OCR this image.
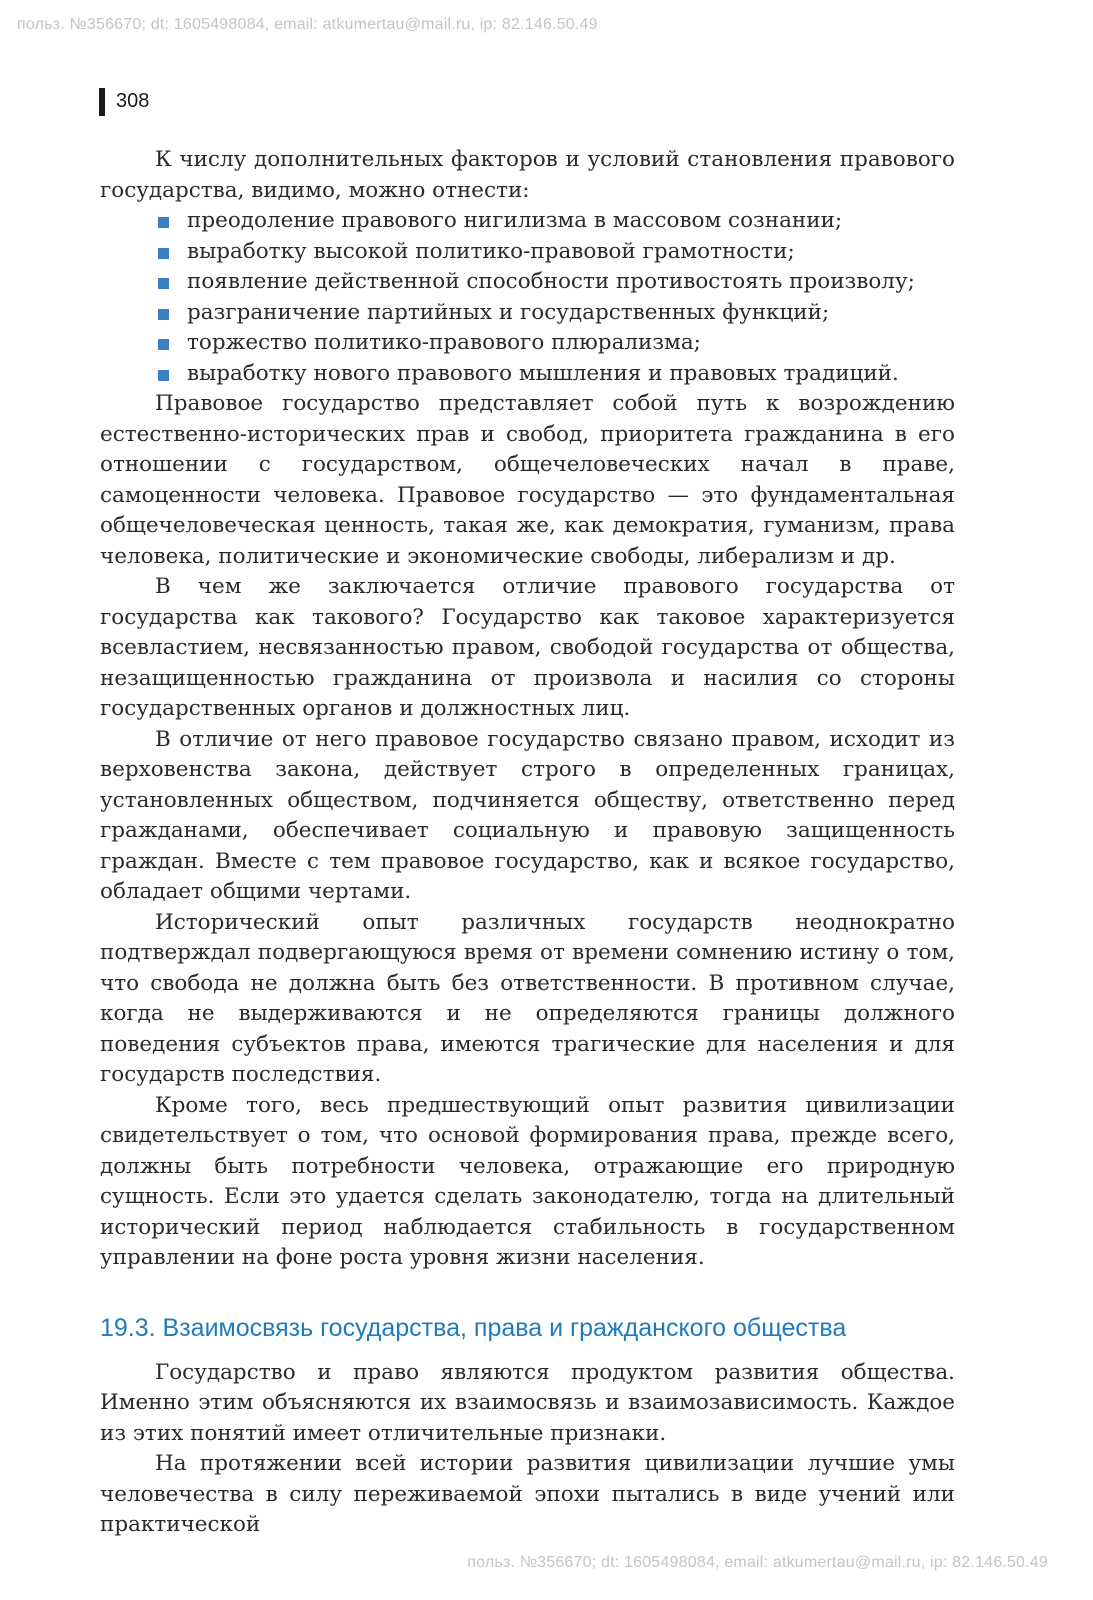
польз. №356670; dt: 1605498084, email: atkumertau@mail.ru, ip: 82.146.50.49
308

К числу дополнительных факторов и условий становления правового государства, видимо, можно отнести:

преодоление правового нигилизма в массовом сознании;
выработку высокой политико-правовой грамотности;
появление действенной способности противостоять произволу;
разграничение партийных и государственных функций;
торжество политико-правового плюрализма;
выработку нового правового мышления и правовых традиций.

Правовое государство представляет собой путь к возрождению естественно-исторических прав и свобод, приоритета гражданина в его отношении с государством, общечеловеческих начал в праве, самоценности человека. Правовое государство — это фундаментальная общечеловеческая ценность, такая же, как демократия, гуманизм, права человека, политические и экономические свободы, либерализм и др.

В чем же заключается отличие правового государства от государства как такового? Государство как таковое характеризуется всевластием, несвязанностью правом, свободой государства от общества, незащищенностью гражданина от произвола и насилия со стороны государственных органов и должностных лиц.

В отличие от него правовое государство связано правом, исходит из верховенства закона, действует строго в определенных границах, установленных обществом, подчиняется обществу, ответственно перед гражданами, обеспечивает социальную и правовую защищенность граждан. Вместе с тем правовое государство, как и всякое государство, обладает общими чертами.

Исторический опыт различных государств неоднократно подтверждал подвергающуюся время от времени сомнению истину о том, что свобода не должна быть без ответственности. В противном случае, когда не выдерживаются и не определяются границы должного поведения субъектов права, имеются трагические для населения и для государств последствия.

Кроме того, весь предшествующий опыт развития цивилизации свидетельствует о том, что основой формирования права, прежде всего, должны быть потребности человека, отражающие его природную сущность. Если это удается сделать законодателю, тогда на длительный исторический период наблюдается стабильность в государственном управлении на фоне роста уровня жизни населения.

19.3. Взаимосвязь государства, права и гражданского общества

Государство и право являются продуктом развития общества. Именно этим объясняются их взаимосвязь и взаимозависимость. Каждое из этих понятий имеет отличительные признаки.

На протяжении всей истории развития цивилизации лучшие умы человечества в силу переживаемой эпохи пытались в виде учений или практической

польз. №356670; dt: 1605498084, email: atkumertau@mail.ru, ip: 82.146.50.49
